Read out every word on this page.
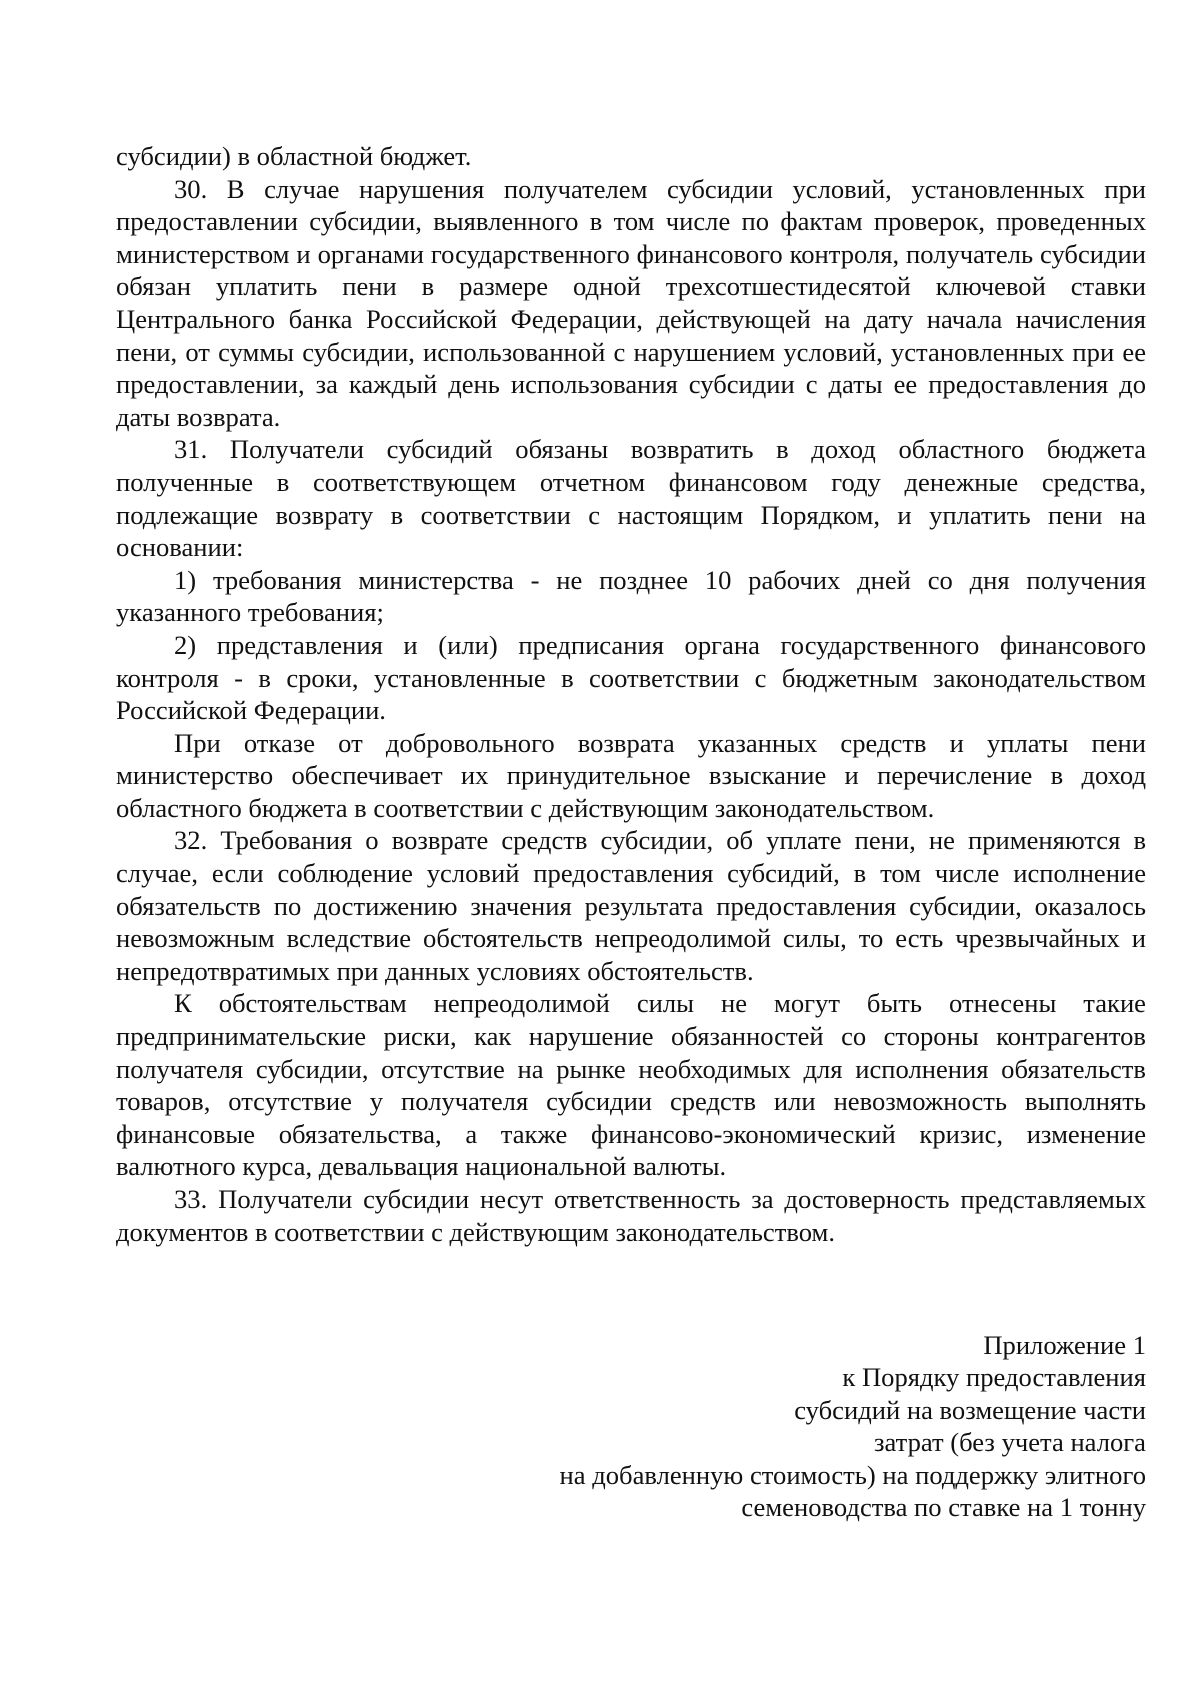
субсидии) в областной бюджет.

30. В случае нарушения получателем субсидии условий, установленных при предоставлении субсидии, выявленного в том числе по фактам проверок, проведенных министерством и органами государственного финансового контроля, получатель субсидии обязан уплатить пени в размере одной трехсотшестидесятой ключевой ставки Центрального банка Российской Федерации, действующей на дату начала начисления пени, от суммы субсидии, использованной с нарушением условий, установленных при ее предоставлении, за каждый день использования субсидии с даты ее предоставления до даты возврата.

31. Получатели субсидий обязаны возвратить в доход областного бюджета полученные в соответствующем отчетном финансовом году денежные средства, подлежащие возврату в соответствии с настоящим Порядком, и уплатить пени на основании:

1) требования министерства - не позднее 10 рабочих дней со дня получения указанного требования;

2) представления и (или) предписания органа государственного финансового контроля - в сроки, установленные в соответствии с бюджетным законодательством Российской Федерации.

При отказе от добровольного возврата указанных средств и уплаты пени министерство обеспечивает их принудительное взыскание и перечисление в доход областного бюджета в соответствии с действующим законодательством.

32. Требования о возврате средств субсидии, об уплате пени, не применяются в случае, если соблюдение условий предоставления субсидий, в том числе исполнение обязательств по достижению значения результата предоставления субсидии, оказалось невозможным вследствие обстоятельств непреодолимой силы, то есть чрезвычайных и непредотвратимых при данных условиях обстоятельств.

К обстоятельствам непреодолимой силы не могут быть отнесены такие предпринимательские риски, как нарушение обязанностей со стороны контрагентов получателя субсидии, отсутствие на рынке необходимых для исполнения обязательств товаров, отсутствие у получателя субсидии средств или невозможность выполнять финансовые обязательства, а также финансово-экономический кризис, изменение валютного курса, девальвация национальной валюты.

33. Получатели субсидии несут ответственность за достоверность представляемых документов в соответствии с действующим законодательством.

Приложение 1
к Порядку предоставления
субсидий на возмещение части
затрат (без учета налога
на добавленную стоимость) на поддержку элитного
семеноводства по ставке на 1 тонну
